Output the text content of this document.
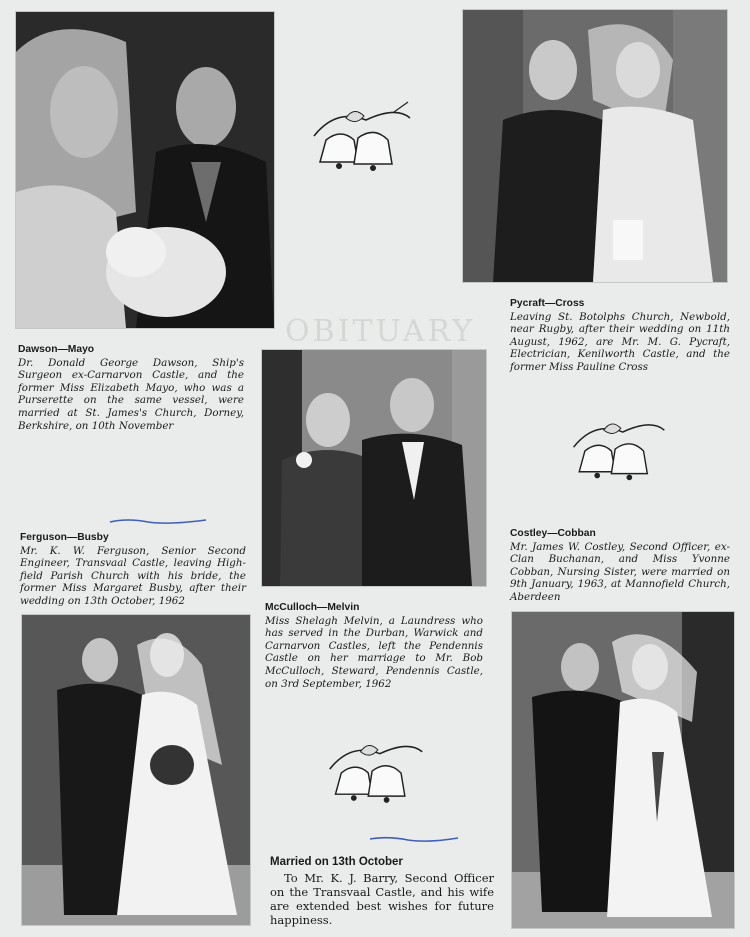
OBITUARY
Dawson—Mayo
Dr. Donald George Dawson, Ship's Surgeon ex-Carnarvon Castle, and the former Miss Elizabeth Mayo, who was a Purserette on the same vessel, were married at St. James's Church, Dorney, Berkshire, on 10th November
Pycraft—Cross
Leaving St. Botolphs Church, Newbold, near Rugby, after their wedding on 11th August, 1962, are Mr. M. G. Pycraft, Electrician, Kenilworth Castle, and the former Miss Pauline Cross
Ferguson—Busby
Mr. K. W. Ferguson, Senior Second Engineer, Transvaal Castle, leaving High-field Parish Church with his bride, the former Miss Margaret Busby, after their wedding on 13th October, 1962
Costley—Cobban
Mr. James W. Costley, Second Officer, ex-Clan Buchanan, and Miss Yvonne Cobban, Nursing Sister, were married on 9th January, 1963, at Mannofield Church, Aberdeen
McCulloch—Melvin
Miss Shelagh Melvin, a Laundress who has served in the Durban, Warwick and Carnarvon Castles, left the Pendennis Castle on her marriage to Mr. Bob McCulloch, Steward, Pendennis Castle, on 3rd September, 1962
Married on 13th October
To Mr. K. J. Barry, Second Officer on the Transvaal Castle, and his wife are extended best wishes for future happiness.
